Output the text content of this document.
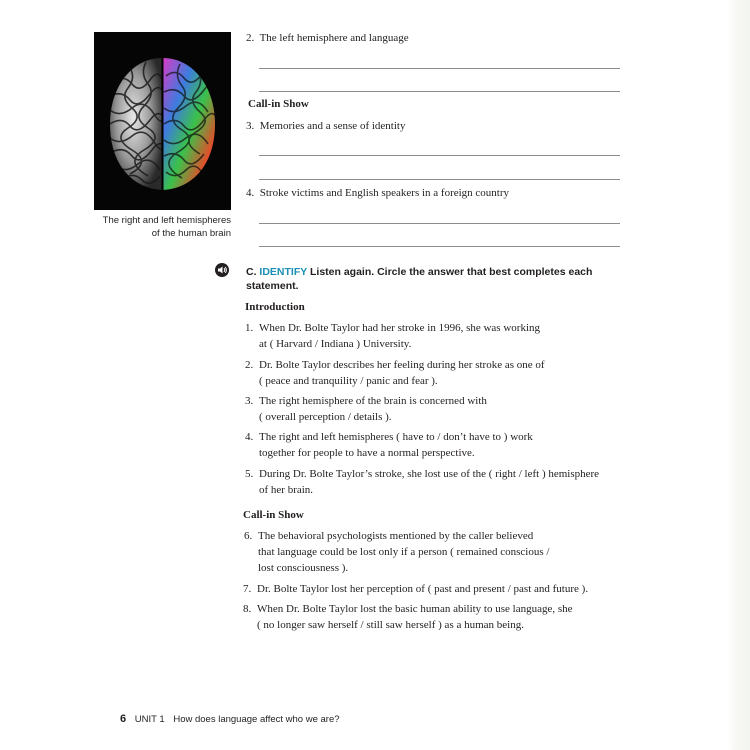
The right and left hemispheres
of the human brain
2. The left hemisphere and language
Call-in Show
3. Memories and a sense of identity
4. Stroke victims and English speakers in a foreign country
C. IDENTIFY Listen again. Circle the answer that best completes each
statement.
Introduction
1. When Dr. Bolte Taylor had her stroke in 1996, she was working
at ( Harvard / Indiana ) University.
2. Dr. Bolte Taylor describes her feeling during her stroke as one of
( peace and tranquility / panic and fear ).
3. The right hemisphere of the brain is concerned with
( overall perception / details ).
4. The right and left hemispheres ( have to / don’t have to ) work
together for people to have a normal perspective.
5. During Dr. Bolte Taylor’s stroke, she lost use of the ( right / left ) hemisphere
of her brain.
Call-in Show
6. The behavioral psychologists mentioned by the caller believed
that language could be lost only if a person ( remained conscious /
lost consciousness ).
7. Dr. Bolte Taylor lost her perception of ( past and present / past and future ).
8. When Dr. Bolte Taylor lost the basic human ability to use language, she
( no longer saw herself / still saw herself ) as a human being.
6 UNIT 1 How does language affect who we are?
